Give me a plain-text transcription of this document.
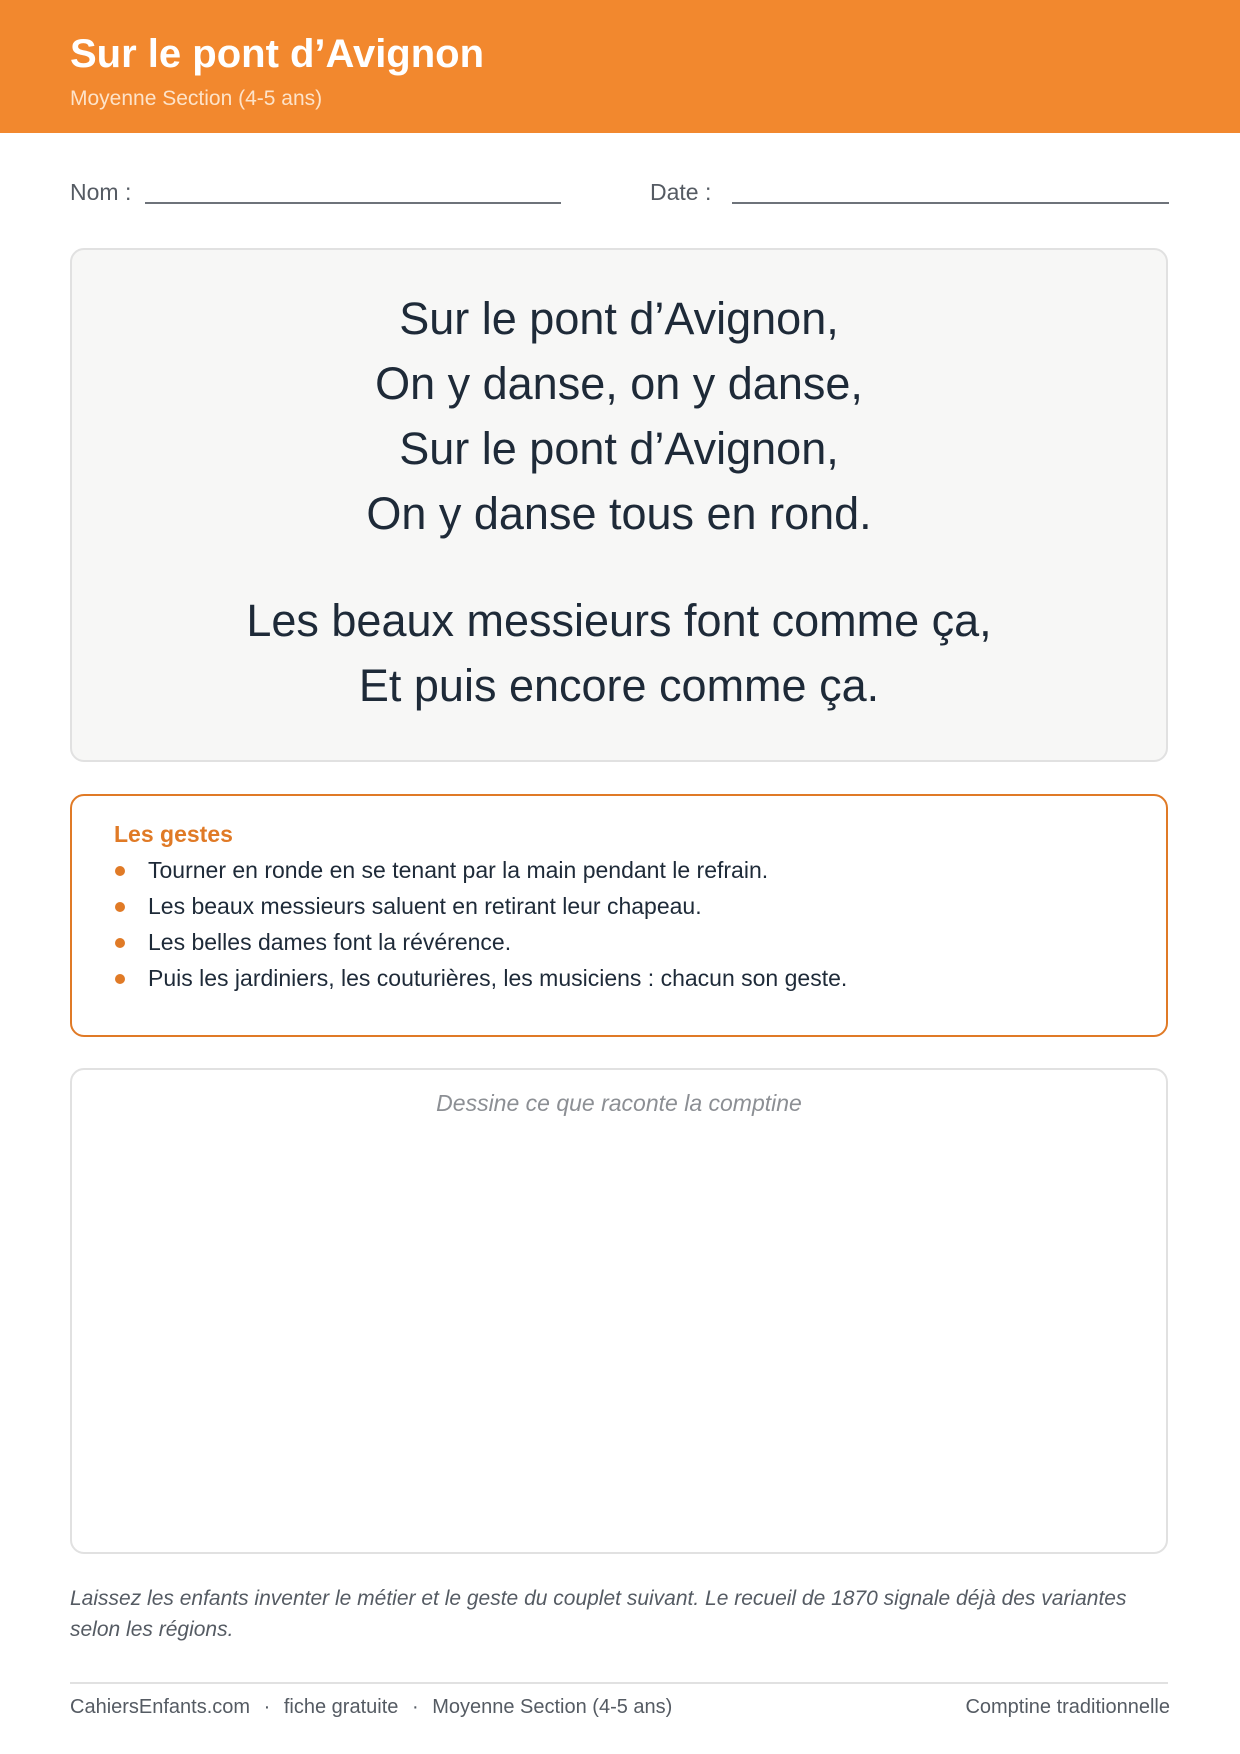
Sur le pont d’Avignon
Moyenne Section (4-5 ans)
Nom :	Date :
Sur le pont d’Avignon,
On y danse, on y danse,
Sur le pont d’Avignon,
On y danse tous en rond.
Les beaux messieurs font comme ça,
Et puis encore comme ça.
Les gestes
Tourner en ronde en se tenant par la main pendant le refrain.
Les beaux messieurs saluent en retirant leur chapeau.
Les belles dames font la révérence.
Puis les jardiniers, les couturières, les musiciens : chacun son geste.
Dessine ce que raconte la comptine
Laissez les enfants inventer le métier et le geste du couplet suivant. Le recueil de 1870 signale déjà des variantes selon les régions.
CahiersEnfants.com · fiche gratuite · Moyenne Section (4-5 ans)	Comptine traditionnelle
